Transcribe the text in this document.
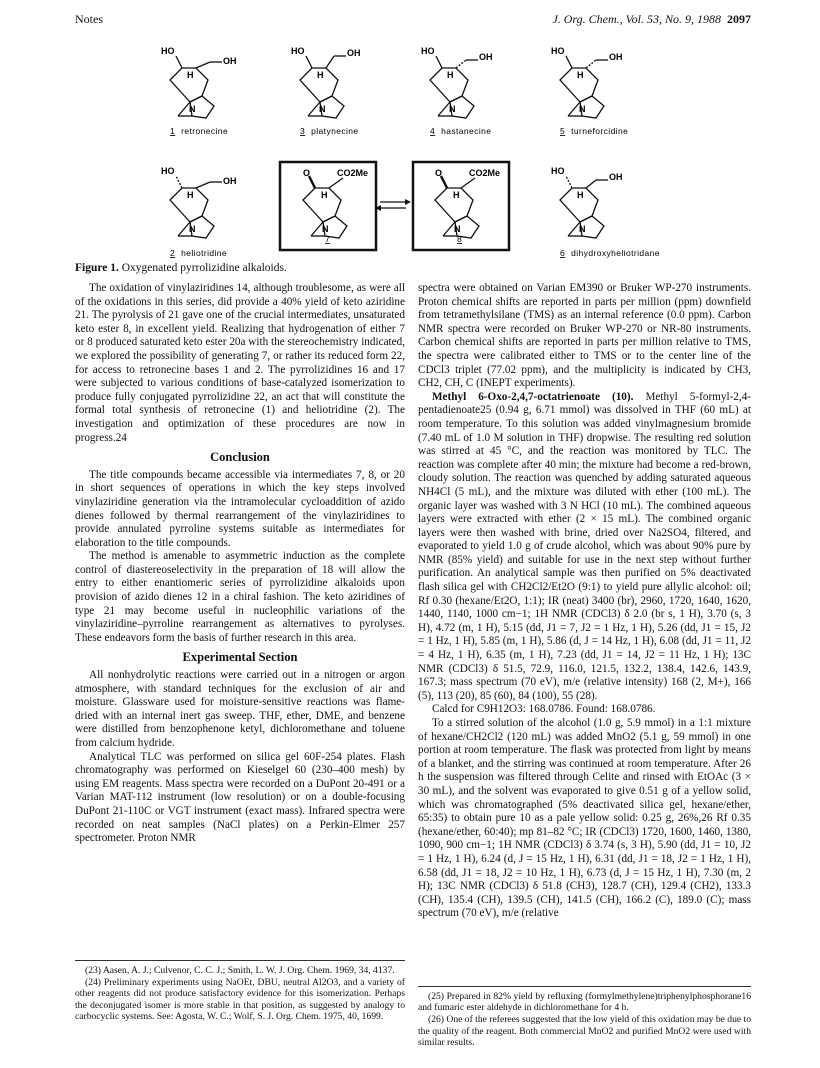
Notes	J. Org. Chem., Vol. 53, No. 9, 1988 2097
HO
OH
H
N
HO	OH
H
N
HO
OH
H
N
HO
OH
H
N
HO
OH
H
N
O	CO2Me
H
N
O	CO2Me
H
N
HO
OH
H
N
1 retronecine	3 platynecine	4 hastanecine	5 turneforcidine
2 heliotridine
7	8
6 dihydroxyheliotridane
Figure 1. Oxygenated pyrrolizidine alkaloids.

The oxidation of vinylaziridines 14, although troublesome, as were all of the oxidations in this series, did provide a 40% yield of keto aziridine 21. The pyrolysis of 21 gave one of the crucial intermediates, unsaturated keto ester 8, in excellent yield. Realizing that hydrogenation of either 7 or 8 produced saturated keto ester 20a with the stereochemistry indicated, we explored the possibility of generating 7, or rather its reduced form 22, for access to retronecine bases 1 and 2. The pyrrolizidines 16 and 17 were subjected to various conditions of base-catalyzed isomerization to produce fully conjugated pyrrolizidine 22, an act that will constitute the formal total synthesis of retronecine (1) and heliotridine (2). The investigation and optimization of these procedures are now in progress.24

Conclusion

The title compounds became accessible via intermediates 7, 8, or 20 in short sequences of operations in which the key steps involved vinylaziridine generation via the intramolecular cycloaddition of azido dienes followed by thermal rearrangement of the vinylaziridines to provide annulated pyrroline systems suitable as intermediates for elaboration to the title compounds.

The method is amenable to asymmetric induction as the complete control of diastereoselectivity in the preparation of 18 will allow the entry to either enantiomeric series of pyrrolizidine alkaloids upon provision of azido dienes 12 in a chiral fashion. The keto aziridines of type 21 may become useful in nucleophilic variations of the vinylaziridine–pyrroline rearrangement as alternatives to pyrolyses. These endeavors form the basis of further research in this area.

Experimental Section

All nonhydrolytic reactions were carried out in a nitrogen or argon atmosphere, with standard techniques for the exclusion of air and moisture. Glassware used for moisture-sensitive reactions was flame-dried with an internal inert gas sweep. THF, ether, DME, and benzene were distilled from benzophenone ketyl, dichloromethane and toluene from calcium hydride.

Analytical TLC was performed on silica gel 60F-254 plates. Flash chromatography was performed on Kieselgel 60 (230–400 mesh) by using EM reagents. Mass spectra were recorded on a DuPont 20-491 or a Varian MAT-112 instrument (low resolution) or on a double-focusing DuPont 21-110C or VGT instrument (exact mass). Infrared spectra were recorded on neat samples (NaCl plates) on a Perkin-Elmer 257 spectrometer. Proton NMR

spectra were obtained on Varian EM390 or Bruker WP-270 instruments. Proton chemical shifts are reported in parts per million (ppm) downfield from tetramethylsilane (TMS) as an internal reference (0.0 ppm). Carbon NMR spectra were recorded on Bruker WP-270 or NR-80 instruments. Carbon chemical shifts are reported in parts per million relative to TMS, the spectra were calibrated either to TMS or to the center line of the CDCl3 triplet (77.02 ppm), and the multiplicity is indicated by CH3, CH2, CH, C (INEPT experiments).

Methyl 6-Oxo-2,4,7-octatrienoate (10). Methyl 5-formyl-2,4-pentadienoate25 (0.94 g, 6.71 mmol) was dissolved in THF (60 mL) at room temperature. To this solution was added vinylmagnesium bromide (7.40 mL of 1.0 M solution in THF) dropwise. The resulting red solution was stirred at 45 °C, and the reaction was monitored by TLC. The reaction was complete after 40 min; the mixture had become a red-brown, cloudy solution. The reaction was quenched by adding saturated aqueous NH4Cl (5 mL), and the mixture was diluted with ether (100 mL). The organic layer was washed with 3 N HCl (10 mL). The combined aqueous layers were extracted with ether (2 × 15 mL). The combined organic layers were then washed with brine, dried over Na2SO4, filtered, and evaporated to yield 1.0 g of crude alcohol, which was about 90% pure by NMR (85% yield) and suitable for use in the next step without further purification. An analytical sample was then purified on 5% deactivated flash silica gel with CH2Cl2/Et2O (9:1) to yield pure allylic alcohol: oil; Rf 0.30 (hexane/Et2O, 1:1); IR (neat) 3400 (br), 2960, 1720, 1640, 1620, 1440, 1140, 1000 cm−1; 1H NMR (CDCl3) δ 2.0 (br s, 1 H), 3.70 (s, 3 H), 4.72 (m, 1 H), 5.15 (dd, J1 = 7, J2 = 1 Hz, 1 H), 5.26 (dd, J1 = 15, J2 = 1 Hz, 1 H), 5.85 (m, 1 H), 5.86 (d, J = 14 Hz, 1 H), 6.08 (dd, J1 = 11, J2 = 4 Hz, 1 H), 6.35 (m, 1 H), 7.23 (dd, J1 = 14, J2 = 11 Hz, 1 H); 13C NMR (CDCl3) δ 51.5, 72.9, 116.0, 121.5, 132.2, 138.4, 142.6, 143.9, 167.3; mass spectrum (70 eV), m/e (relative intensity) 168 (2, M+), 166 (5), 113 (20), 85 (60), 84 (100), 55 (28).

Calcd for C9H12O3: 168.0786. Found: 168.0786.

To a stirred solution of the alcohol (1.0 g, 5.9 mmol) in a 1:1 mixture of hexane/CH2Cl2 (120 mL) was added MnO2 (5.1 g, 59 mmol) in one portion at room temperature. The flask was protected from light by means of a blanket, and the stirring was continued at room temperature. After 26 h the suspension was filtered through Celite and rinsed with EtOAc (3 × 30 mL), and the solvent was evaporated to give 0.51 g of a yellow solid, which was chromatographed (5% deactivated silica gel, hexane/ether, 65:35) to obtain pure 10 as a pale yellow solid: 0.25 g, 26%,26 Rf 0.35 (hexane/ether, 60:40); mp 81–82 °C; IR (CDCl3) 1720, 1600, 1460, 1380, 1090, 900 cm−1; 1H NMR (CDCl3) δ 3.74 (s, 3 H), 5.90 (dd, J1 = 10, J2 = 1 Hz, 1 H), 6.24 (d, J = 15 Hz, 1 H), 6.31 (dd, J1 = 18, J2 = 1 Hz, 1 H), 6.58 (dd, J1 = 18, J2 = 10 Hz, 1 H), 6.73 (d, J = 15 Hz, 1 H), 7.30 (m, 2 H); 13C NMR (CDCl3) δ 51.8 (CH3), 128.7 (CH), 129.4 (CH2), 133.3 (CH), 135.4 (CH), 139.5 (CH), 141.5 (CH), 166.2 (C), 189.0 (C); mass spectrum (70 eV), m/e (relative

(23) Aasen, A. J.; Culvenor, C. C. J.; Smith, L. W. J. Org. Chem. 1969, 34, 4137.

(24) Preliminary experiments using NaOEt, DBU, neutral Al2O3, and a variety of other reagents did not produce satisfactory evidence for this isomerization. Perhaps the deconjugated isomer is more stable in that position, as suggested by analogy to carbocyclic systems. See: Agosta, W. C.; Wolf, S. J. Org. Chem. 1975, 40, 1699.

(25) Prepared in 82% yield by refluxing (formylmethylene)triphenylphosphorane16 and fumaric ester aldehyde in dichloromethane for 4 h.

(26) One of the referees suggested that the low yield of this oxidation may be due to the quality of the reagent. Both commercial MnO2 and purified MnO2 were used with similar results.
